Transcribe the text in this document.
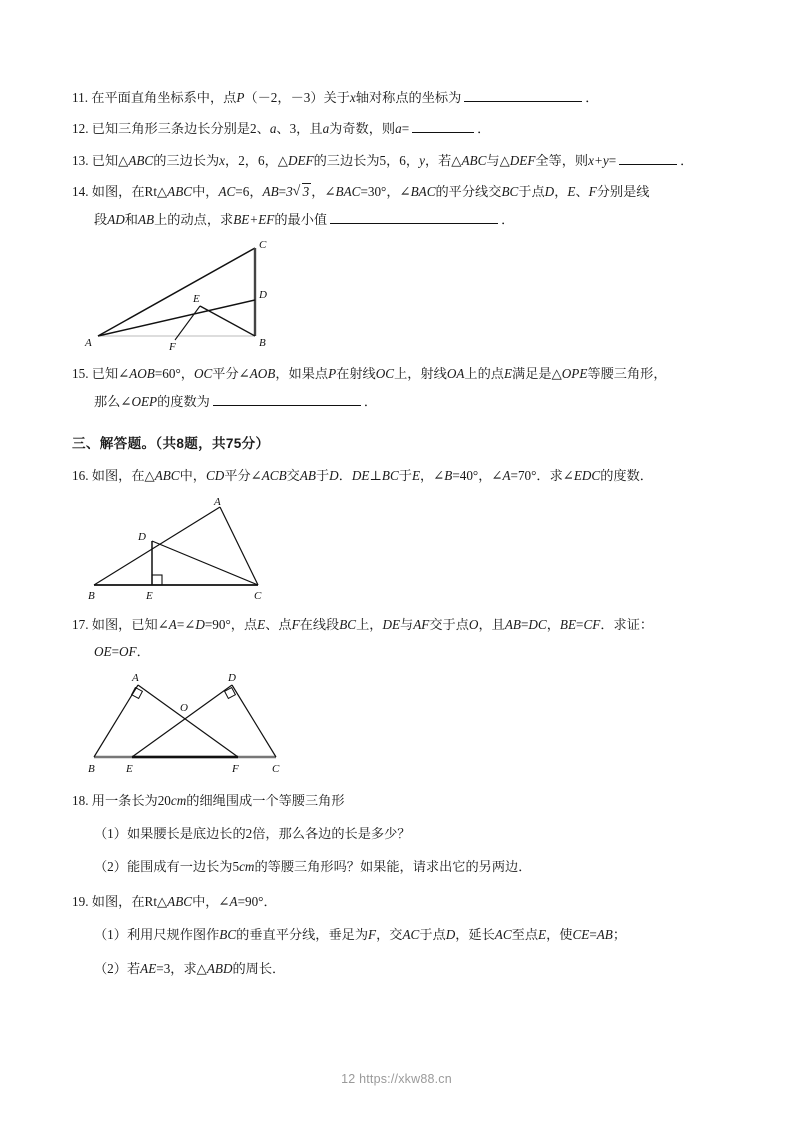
11. 在平面直角坐标系中，点P（－2，－3）关于x轴对称点的坐标为	．
12. 已知三角形三条边长分别是2、a、3，且a为奇数，则a=	．
13. 已知△ABC的三边长为x，2，6，△DEF的三边长为5，6，y，若△ABC与△DEF全等，则x+y=	．
14. 如图，在Rt△ABC中，AC=6，AB=3 √ 3 ，∠BAC=30°，∠BAC的平分线交BC于点D，E、F分别是线
段AD和AB上的动点，求BE+EF的最小值	．
A	B
C
D
E
F
15. 已知∠AOB=60°，OC平分∠AOB，如果点P在射线OC上，射线OA上的点E满足是△OPE等腰三角形，
那么∠OEP的度数为	．
三、解答题。（共8题，共75分）
16. 如图，在△ABC中，CD平分∠ACB交AB于D．DE⊥BC于E，∠B=40°，∠A=70°．求∠EDC的度数．
A
B	C
D
E
17. 如图，已知∠A=∠D=90°，点E、点F在线段BC上，DE与AF交于点O，且AB=DC，BE=CF．求证：
OE=OF．
A	D
O
B	E	F	C
18. 用一条长为20cm的细绳围成一个等腰三角形
（1）如果腰长是底边长的2倍，那么各边的长是多少？
（2）能围成有一边长为5cm的等腰三角形吗？如果能，请求出它的另两边．
19. 如图，在Rt△ABC中，∠A=90°．
（1）利用尺规作图作BC的垂直平分线，垂足为F，交AC于点D，延长AC至点E，使CE=AB；
（2）若AE=3，求△ABD的周长．
12 https://xkw88.cn
